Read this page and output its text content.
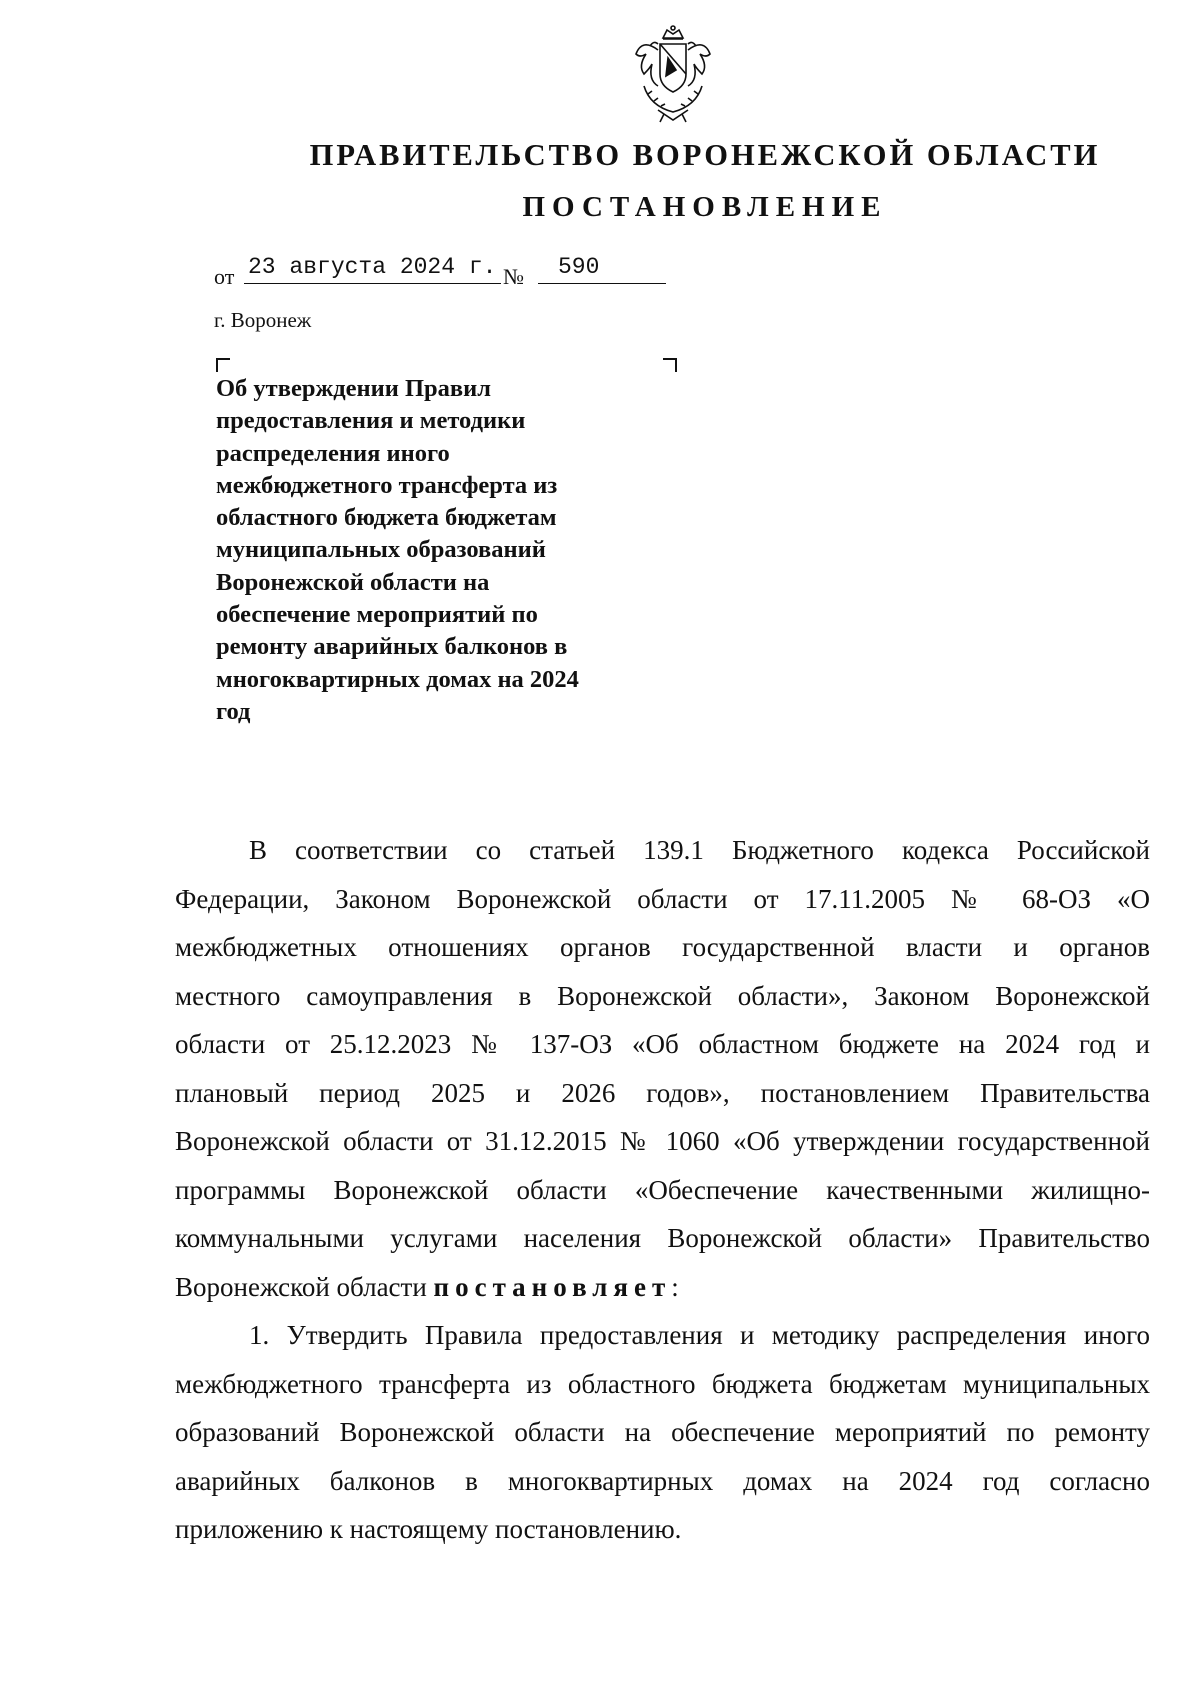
ПРАВИТЕЛЬСТВО ВОРОНЕЖСКОЙ ОБЛАСТИ
ПОСТАНОВЛЕНИЕ
от 23 августа 2024 г. № 590
г. Воронеж
Об утверждении Правил
предоставления и методики
распределения иного
межбюджетного трансферта из
областного бюджета бюджетам
муниципальных образований
Воронежской области на
обеспечение мероприятий по
ремонту аварийных балконов в
многоквартирных домах на 2024
год

В соответствии со статьей 139.1 Бюджетного кодекса Российской
Федерации, Законом Воронежской области от 17.11.2005 № 68-ОЗ «О
межбюджетных отношениях органов государственной власти и органов
местного самоуправления в Воронежской области», Законом Воронежской
области от 25.12.2023 № 137-ОЗ «Об областном бюджете на 2024 год и
плановый период 2025 и 2026 годов», постановлением Правительства
Воронежской области от 31.12.2015 № 1060 «Об утверждении государственной
программы Воронежской области «Обеспечение качественными жилищно-
коммунальными услугами населения Воронежской области» Правительство
Воронежской области постановляет:

1. Утвердить Правила предоставления и методику распределения иного
межбюджетного трансферта из областного бюджета бюджетам муниципальных
образований Воронежской области на обеспечение мероприятий по ремонту
аварийных балконов в многоквартирных домах на 2024 год согласно
приложению к настоящему постановлению.
